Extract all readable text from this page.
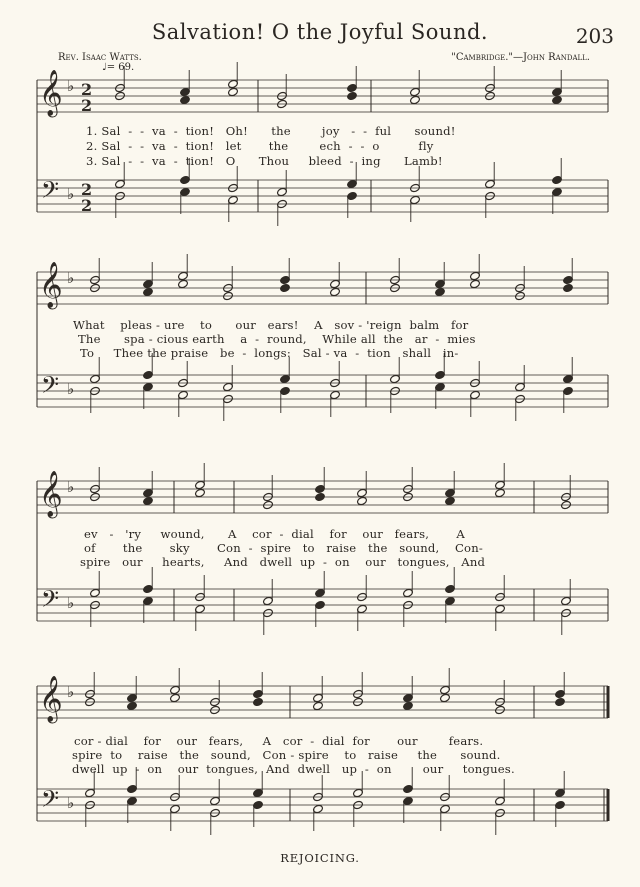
Salvation! O the Joyful Sound.	203
Rev. Isaac Watts.	"Cambridge."—John Randall.
♩= 69.
𝄞
𝄢
♭
♭
2
2
2
2
𝄞
𝄢
♭
♭
𝄞
𝄢
♭
♭
𝄞
𝄢
♭
♭
1. Sal  -  -  va  -  tion!   Oh!      the        joy   -  -  ful      sound!
2. Sal  -  -  va  -  tion!   let       the        ech  -  -  o          fly
3. Sal  -  -  va  -  tion!   O      Thou     bleed  -  ing      Lamb!
What    pleas - ure    to      our   ears!    A   sov - 'reign  balm   for
The      spa - cious earth    a  -  round,    While all  the   ar  -  mies
To     Thee the praise   be  -  longs:   Sal - va  -  tion   shall   in-
ev   -   'ry     wound,      A    cor  -  dial    for    our   fears,       A
of       the       sky       Con  -  spire   to   raise   the   sound,    Con-
spire   our     hearts,     And   dwell  up  -  on    our   tongues,   And
cor - dial    for    our   fears,     A   cor  -  dial  for       our        fears.
spire  to    raise   the   sound,   Con - spire    to   raise     the      sound.
dwell  up  -  on    our  tongues,  And  dwell   up  -  on        our     tongues.
REJOICING.
